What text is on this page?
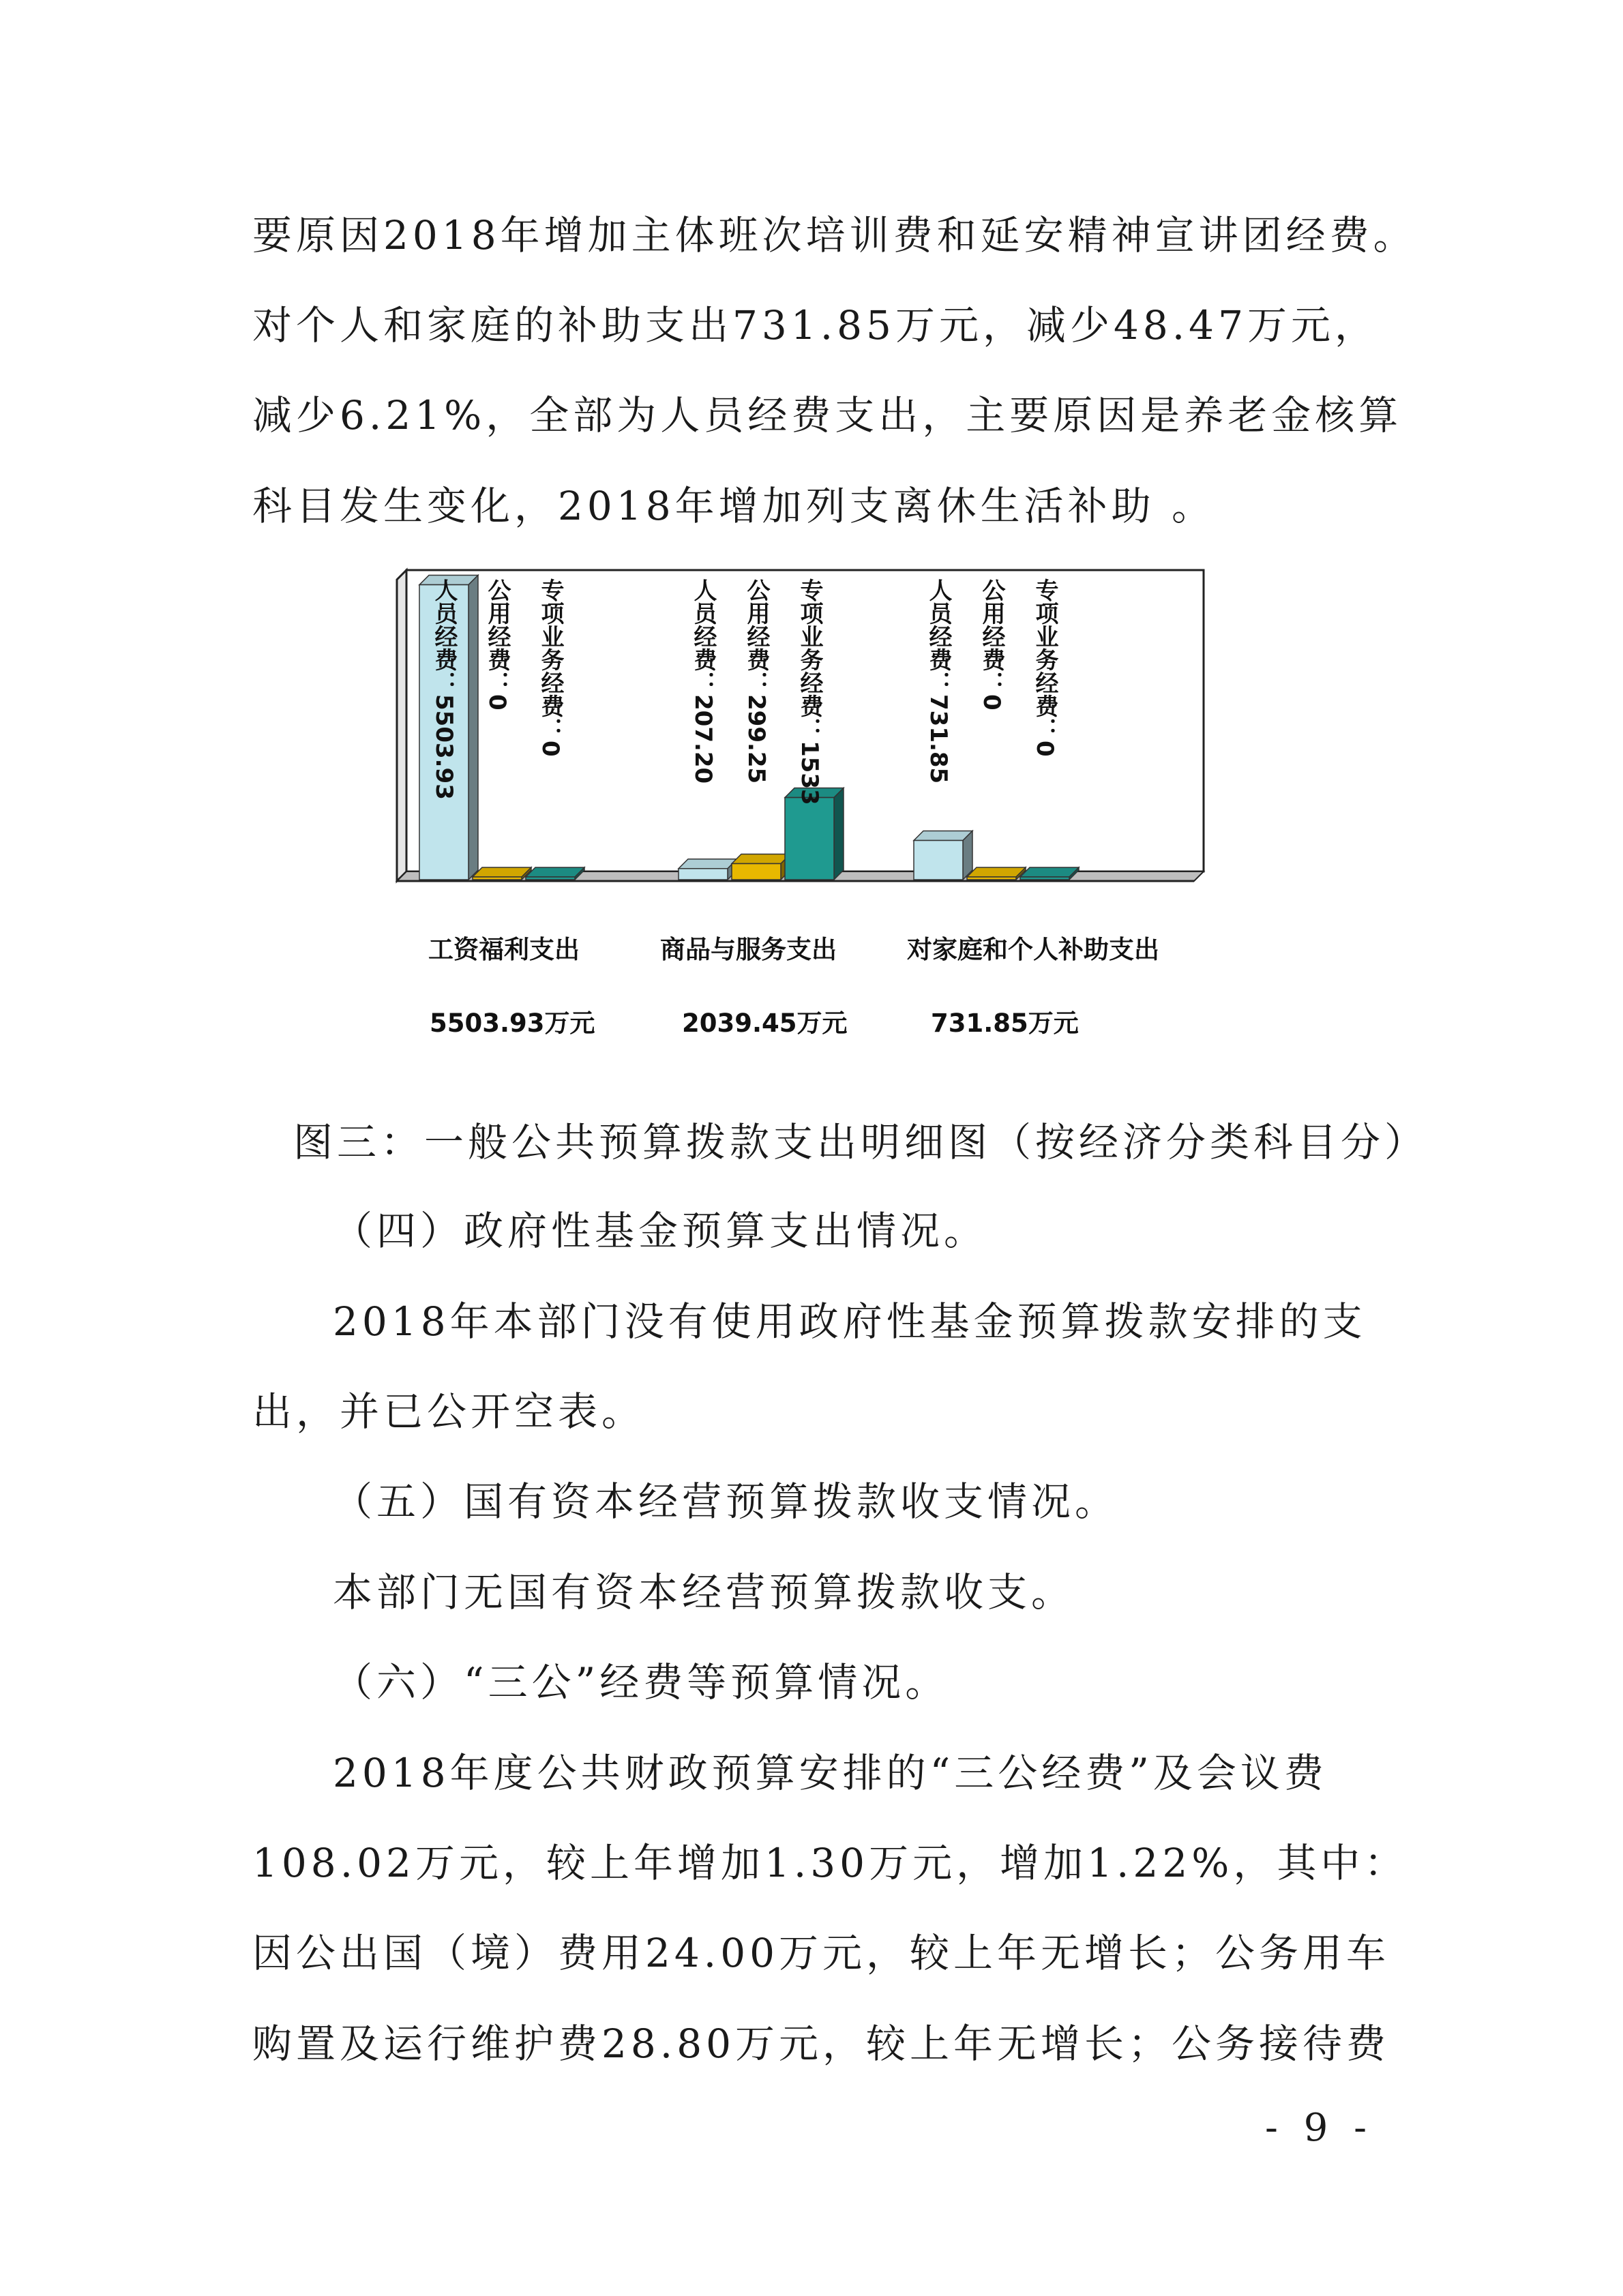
要原因2018年增加主体班次培训费和延安精神宣讲团经费。
对个人和家庭的补助支出731.85万元，减少48.47万元，
减少6.21%，全部为人员经费支出，主要原因是养老金核算
科目发生变化，2018年增加列支离休生活补助 。
人员经费：5503.93 公用经费：0 专项业务经费：0	人员经费：207.20 公用经费：299.25 专项业务经费：1533	人员经费：731.85 公用经费：0 专项业务经费：0
工资福利支出	商品与服务支出	对家庭和个人补助支出
5503.93万元	2039.45万元	731.85万元
图三：一般公共预算拨款支出明细图（按经济分类科目分）
（四）政府性基金预算支出情况。
2018年本部门没有使用政府性基金预算拨款安排的支
出，并已公开空表。
（五）国有资本经营预算拨款收支情况。
本部门无国有资本经营预算拨款收支。
（六）“三公”经费等预算情况。
2018年度公共财政预算安排的“三公经费”及会议费
108.02万元，较上年增加1.30万元，增加1.22%，其中：
因公出国（境）费用24.00万元，较上年无增长；公务用车
购置及运行维护费28.80万元，较上年无增长；公务接待费
- 9 -
